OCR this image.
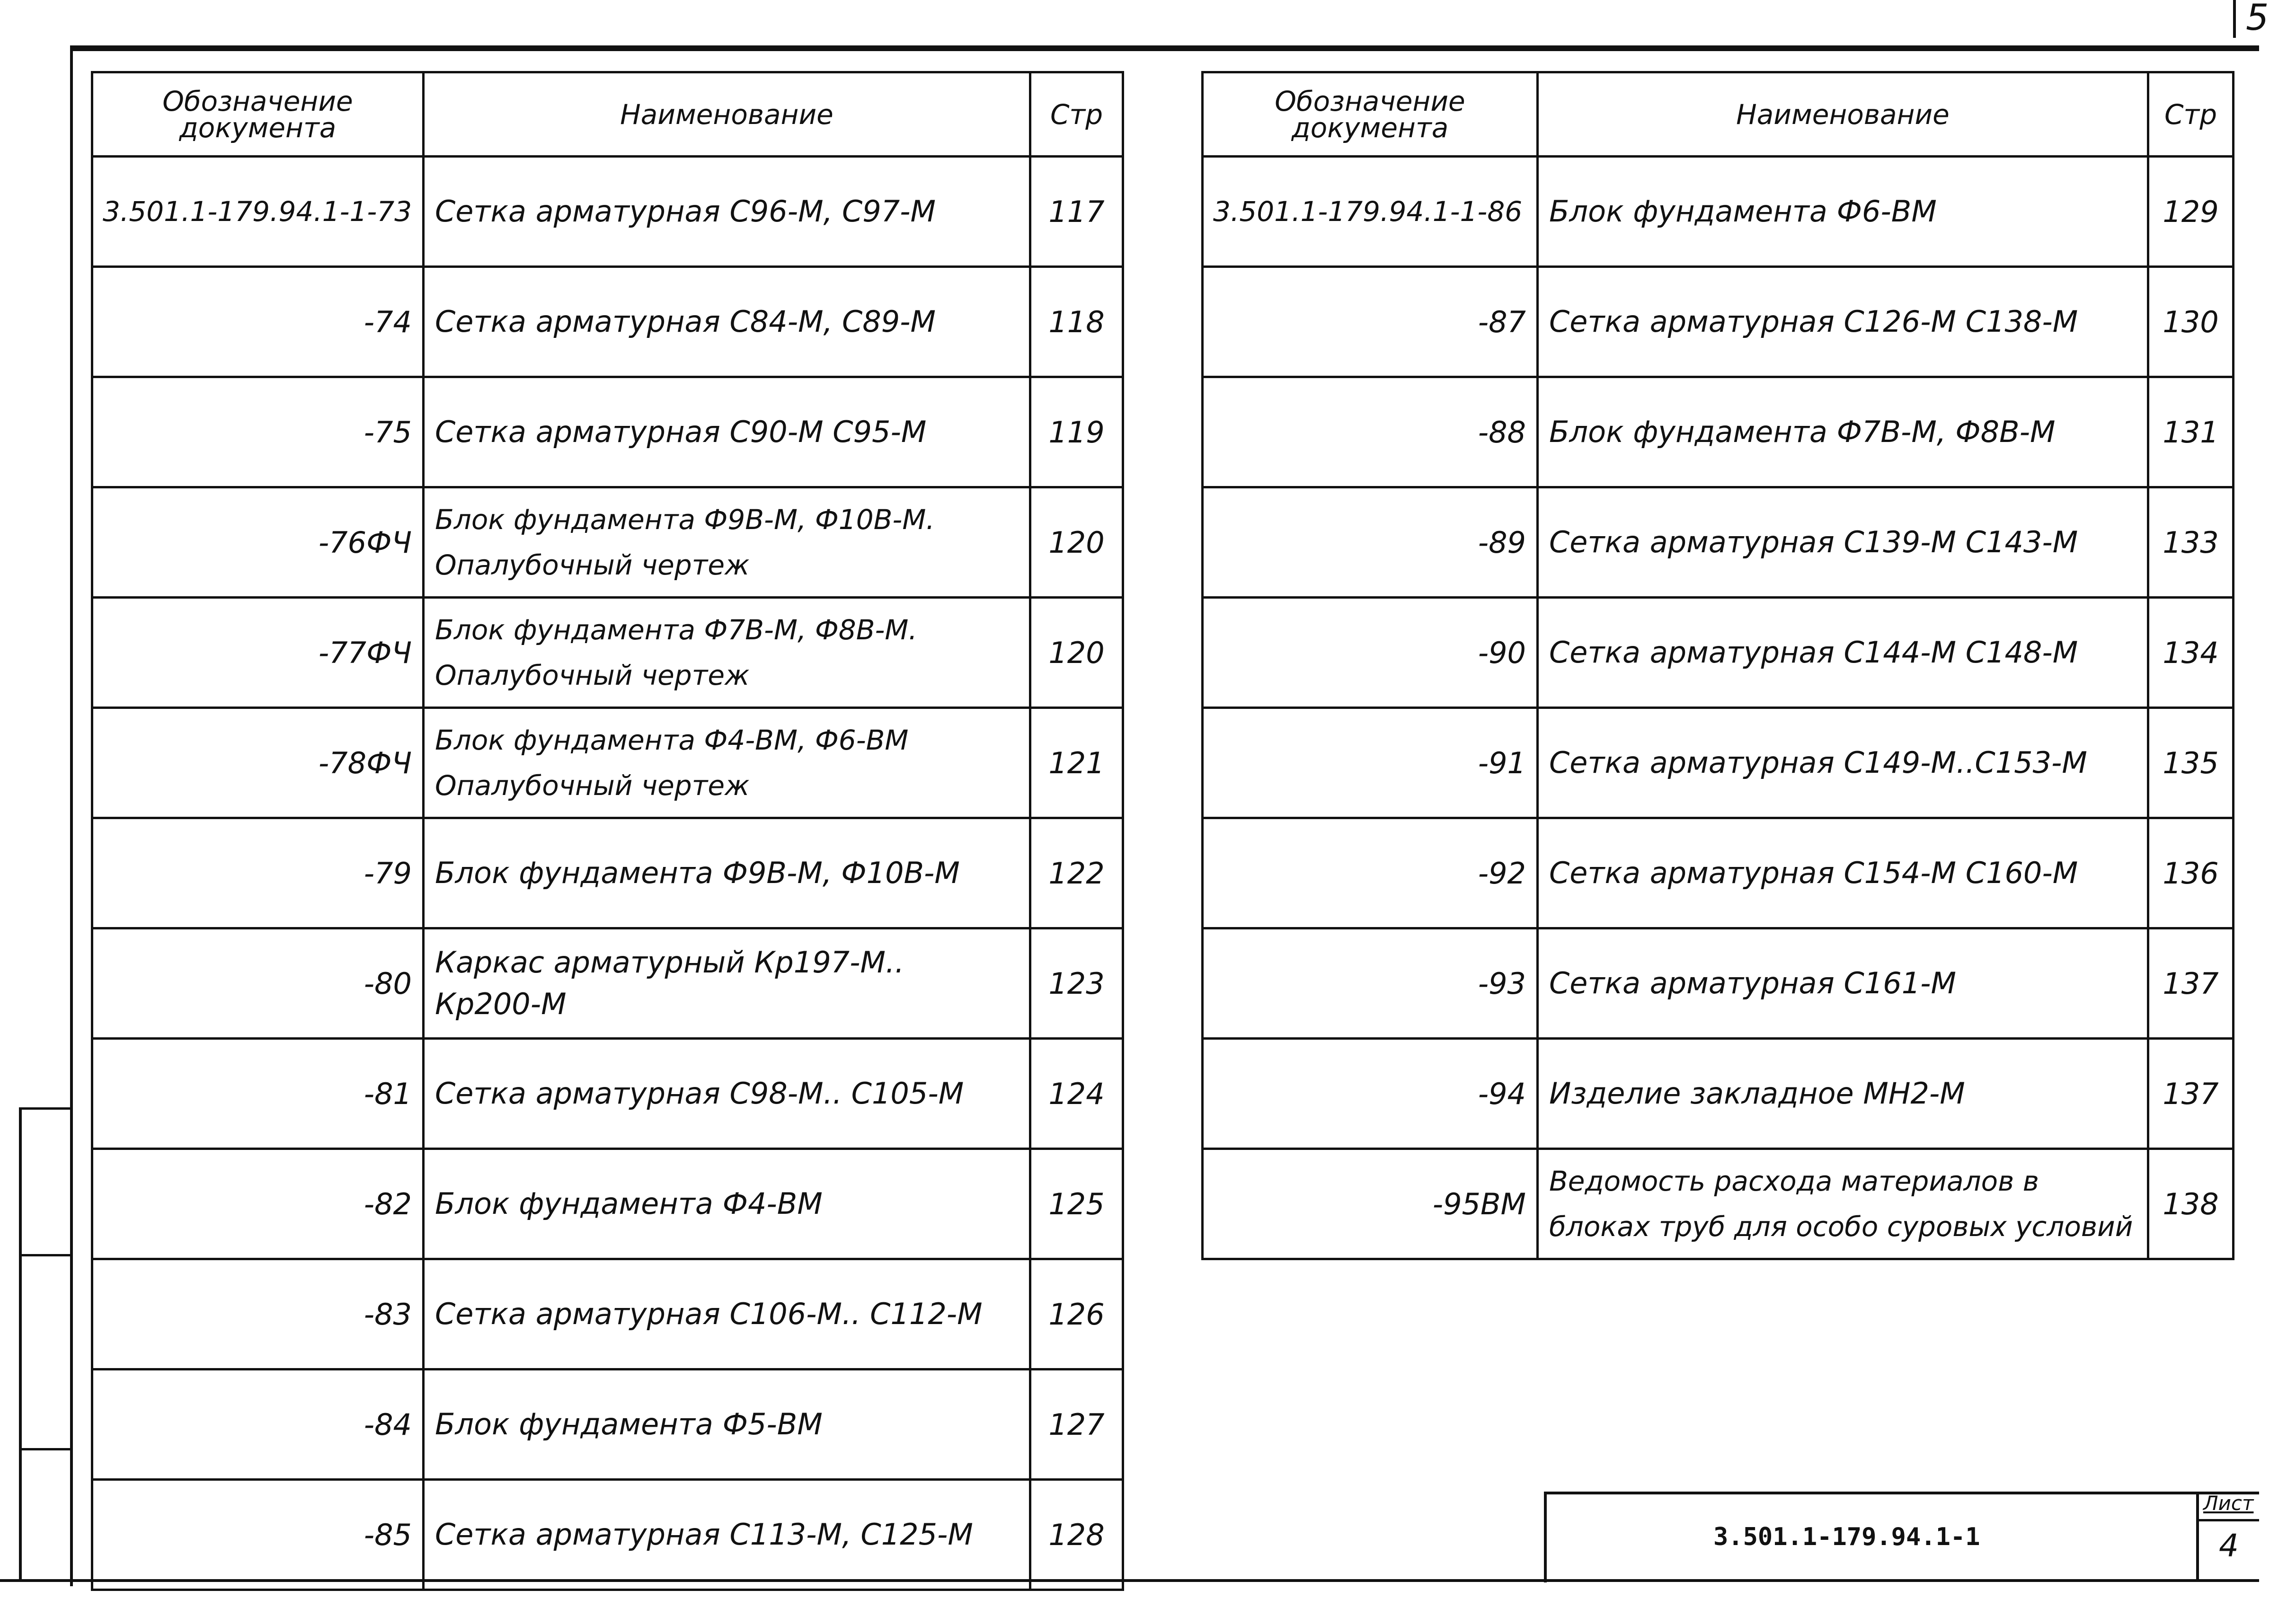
5
Обозначение документа	Наименование	Стр
3.501.1-179.94.1-1-73	Сетка арматурная С96-М, С97-М	117
-74	Сетка арматурная С84-М, С89-М	118
-75	Сетка арматурная С90-М С95-М	119
-76ФЧ	Блок фундамента Ф9В-М, Ф10В-М. Опалубочный чертеж	120
-77ФЧ	Блок фундамента Ф7В-М, Ф8В-М. Опалубочный чертеж	120
-78ФЧ	Блок фундамента Ф4-ВМ, Ф6-ВМ Опалубочный чертеж	121
-79	Блок фундамента Ф9В-М, Ф10В-М	122
-80	Каркас арматурный Кр197-М.. Кр200-М	123
-81	Сетка арматурная С98-М.. С105-М	124
-82	Блок фундамента Ф4-ВМ	125
-83	Сетка арматурная С106-М.. С112-М	126
-84	Блок фундамента Ф5-ВМ	127
-85	Сетка арматурная С113-М, С125-М	128
Обозначение документа	Наименование	Стр
3.501.1-179.94.1-1-86	Блок фундамента Ф6-ВМ	129
-87	Сетка арматурная С126-М С138-М	130
-88	Блок фундамента Ф7В-М, Ф8В-М	131
-89	Сетка арматурная С139-М С143-М	133
-90	Сетка арматурная С144-М С148-М	134
-91	Сетка арматурная С149-М..С153-М	135
-92	Сетка арматурная С154-М С160-М	136
-93	Сетка арматурная С161-М	137
-94	Изделие закладное МН2-М	137
-95ВМ	Ведомость расхода материалов в блоках труб для особо суровых условий	138
3.501.1-179.94.1-1
Лист
4
